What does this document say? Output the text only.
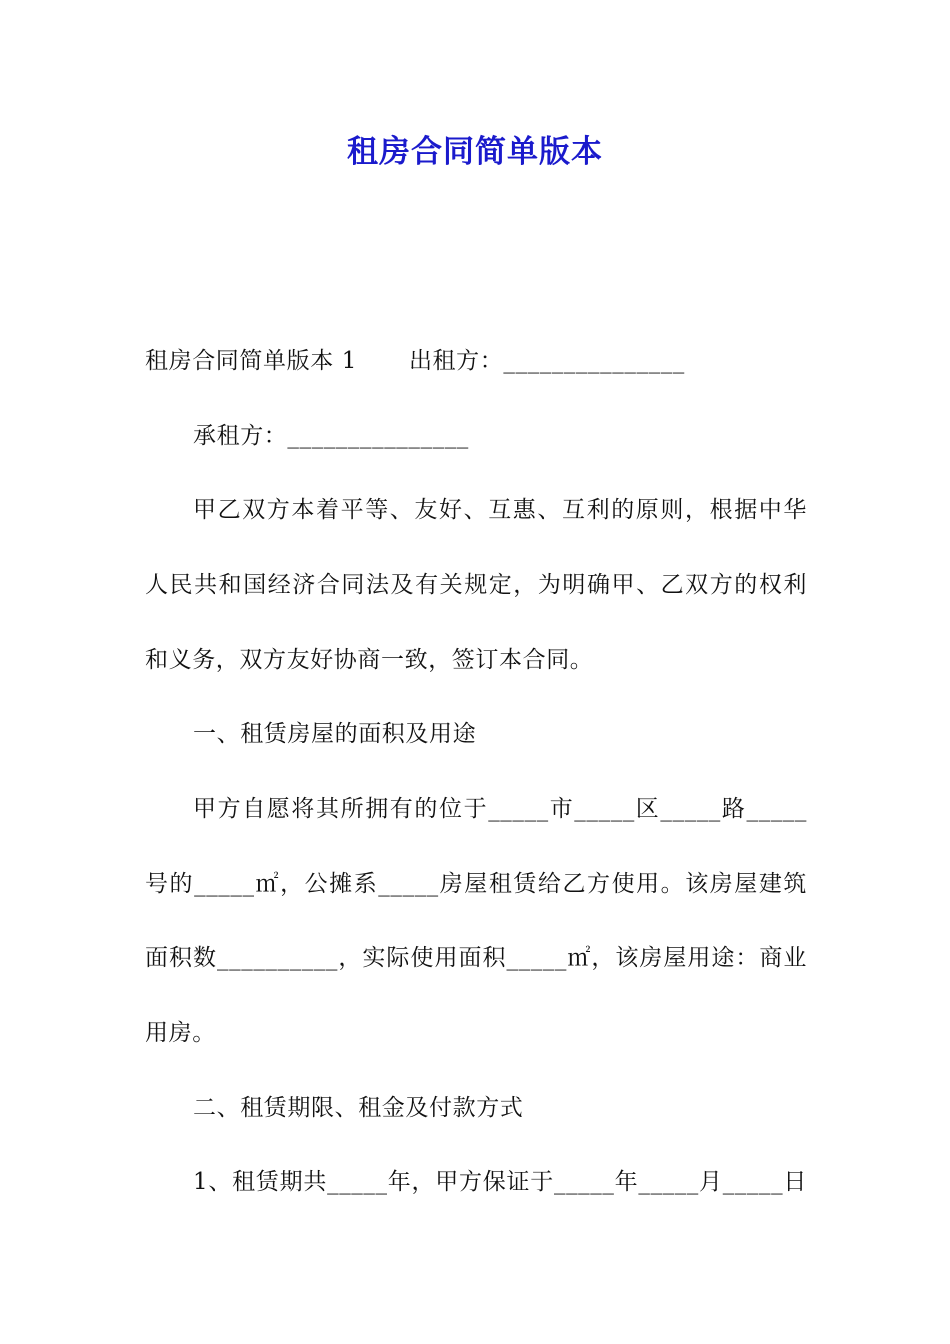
租房合同简单版本
租房合同简单版本 1 出租方：_______________
承租方：_______________
甲乙双方本着平等、友好、互惠、互利的原则，根据中华
人民共和国经济合同法及有关规定，为明确甲、乙双方的权利
和义务，双方友好协商一致，签订本合同。
一、租赁房屋的面积及用途
甲方自愿将其所拥有的位于_____市_____区_____路_____
号的_____㎡，公摊系_____房屋租赁给乙方使用。该房屋建筑
面积数__________，实际使用面积_____㎡，该房屋用途：商业
用房。
二、租赁期限、租金及付款方式
1、租赁期共_____年，甲方保证于_____年_____月_____日
